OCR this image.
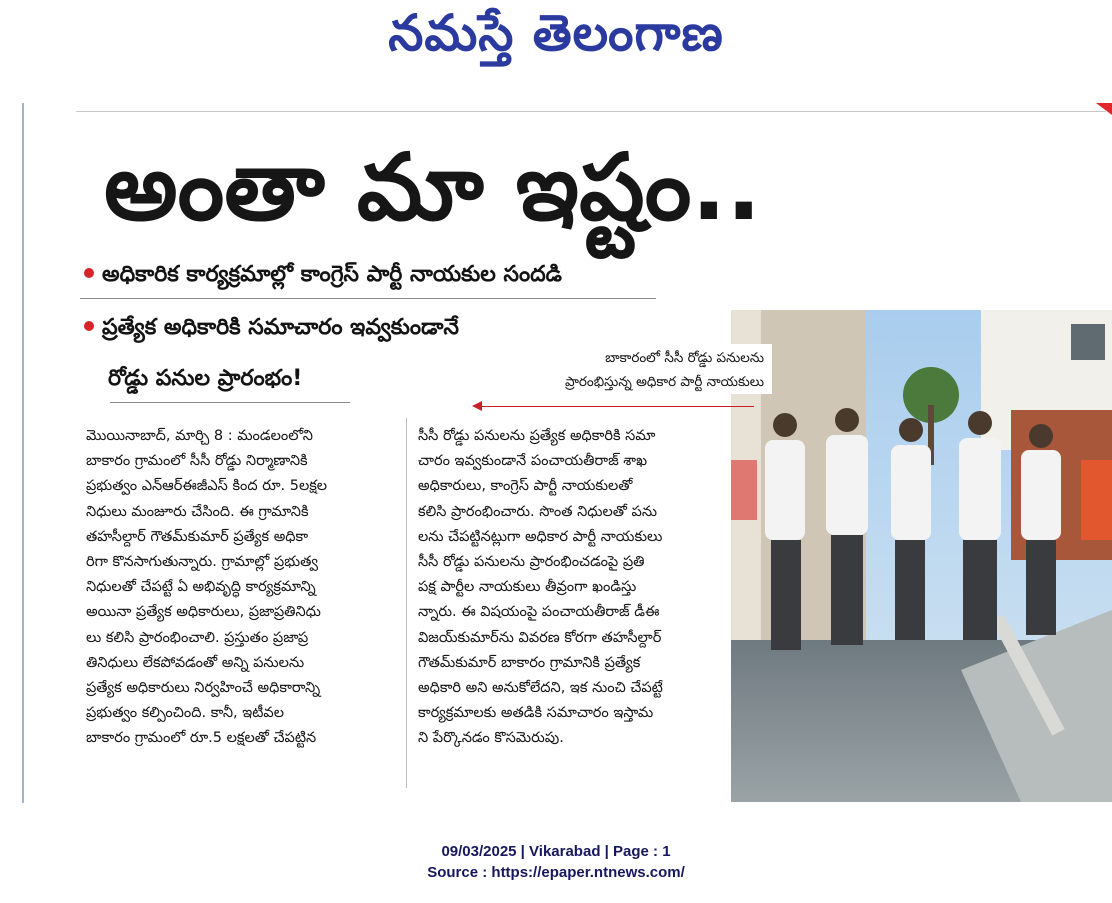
నమస్తే తెలంగాణ
అంతా మా ఇష్టం..
అధికారిక కార్యక్రమాల్లో కాంగ్రెస్ పార్టీ నాయకుల సందడి
ప్రత్యేక అధికారికి సమాచారం ఇవ్వకుండానే
రోడ్డు పనుల ప్రారంభం!
బాకారంలో సీసీ రోడ్డు పనులను
ప్రారంభిస్తున్న అధికార పార్టీ నాయకులు
మొయినాబాద్, మార్చి 8 : మండలంలోని
బాకారం గ్రామంలో సీసీ రోడ్డు నిర్మాణానికి
ప్రభుత్వం ఎన్ఆర్ఈజీఎస్ కింద రూ. 5లక్షల
నిధులు మంజూరు చేసింది. ఈ గ్రామానికి
తహసీల్దార్ గౌతమ్‌కుమార్ ప్రత్యేక అధికా
రిగా కొనసాగుతున్నారు. గ్రామాల్లో ప్రభుత్వ
నిధులతో చేపట్టే ఏ అభివృద్ధి కార్యక్రమాన్ని
అయినా ప్రత్యేక అధికారులు, ప్రజాప్రతినిధు
లు కలిసి ప్రారంభించాలి. ప్రస్తుతం ప్రజాప్ర
తినిధులు లేకపోవడంతో అన్ని పనులను
ప్రత్యేక అధికారులు నిర్వహించే అధికారాన్ని
ప్రభుత్వం కల్పించింది. కానీ, ఇటీవల
బాకారం గ్రామంలో రూ.5 లక్షలతో చేపట్టిన
సీసీ రోడ్డు పనులను ప్రత్యేక అధికారికి సమా
చారం ఇవ్వకుండానే పంచాయతీరాజ్ శాఖ
అధికారులు, కాంగ్రెస్ పార్టీ నాయకులతో
కలిసి ప్రారంభించారు. సొంత నిధులతో పను
లను చేపట్టినట్లుగా అధికార పార్టీ నాయకులు
సీసీ రోడ్డు పనులను ప్రారంభించడంపై ప్రతి
పక్ష పార్టీల నాయకులు తీవ్రంగా ఖండిస్తు
న్నారు. ఈ విషయంపై పంచాయతీరాజ్ డీఈ
విజయ్‌కుమార్‌ను వివరణ కోరగా తహసీల్దార్
గౌతమ్‌కుమార్ బాకారం గ్రామానికి ప్రత్యేక
అధికారి అని అనుకోలేదని, ఇక నుంచి చేపట్టే
కార్యక్రమాలకు అతడికి సమాచారం ఇస్తామ
ని పేర్కొనడం కొసమెరుపు.
09/03/2025 | Vikarabad | Page : 1
Source : https://epaper.ntnews.com/
